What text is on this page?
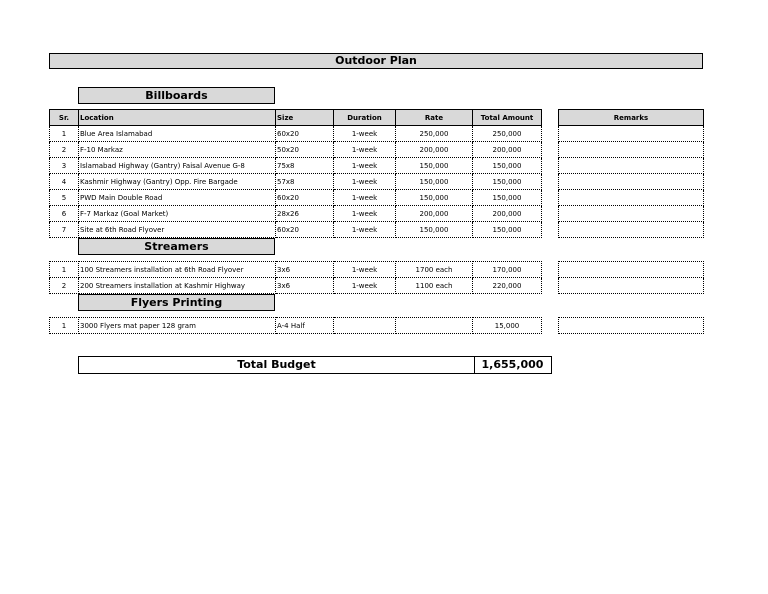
Outdoor Plan
Billboards
Sr.	Location	Size	Duration	Rate	Total Amount
1	Blue Area Islamabad	60x20	1-week	250,000	250,000
2	F-10 Markaz	50x20	1-week	200,000	200,000
3	Islamabad Highway (Gantry) Faisal Avenue G-8	75x8	1-week	150,000	150,000
4	Kashmir Highway (Gantry) Opp. Fire Bargade	57x8	1-week	150,000	150,000
5	PWD Main Double Road	60x20	1-week	150,000	150,000
6	F-7 Markaz (Goal Market)	28x26	1-week	200,000	200,000
7	Site at 6th Road Flyover	60x20	1-week	150,000	150,000
Remarks

Streamers
1	100 Streamers installation at 6th Road Flyover	3x6	1-week	1700 each	170,000
2	200 Streamers installation at Kashmir Highway	3x6	1-week	1100 each	220,000

Flyers Printing
1	3000 Flyers mat paper 128 gram	A-4 Half			15,000
Total Budget	1,655,000
